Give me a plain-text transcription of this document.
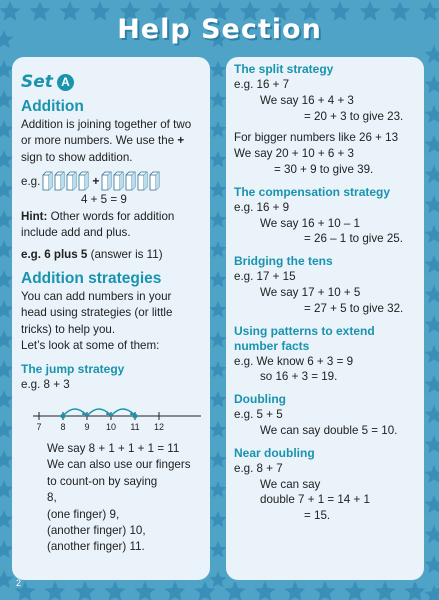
Help Section
Set A
Addition

Addition is joining together of two

or more numbers. We use the +

sign to show addition.

e.g.	+

4 + 5 = 9

Hint: Other words for addition

include add and plus.

e.g. 6 plus 5 (answer is 11)

Addition strategies

You can add numbers in your

head using strategies (or little

tricks) to help you.

Let’s look at some of them:

The jump strategy

e.g. 8 + 3

7 8 9 10 11 12

We say 8 + 1 + 1 + 1 = 11

We can also use our fingers

to count-on by saying

8,

(one finger) 9,

(another finger) 10,

(another finger) 11.

The split strategy

e.g. 16 + 7

We say 16 + 4 + 3

= 20 + 3 to give 23.

For bigger numbers like 26 + 13

We say 20 + 10 + 6 + 3

= 30 + 9 to give 39.

The compensation strategy

e.g. 16 + 9

We say 16 + 10 – 1

= 26 – 1 to give 25.

Bridging the tens

e.g. 17 + 15

We say 17 + 10 + 5

= 27 + 5 to give 32.

Using patterns to extend number facts

e.g. We know 6 + 3 = 9

so 16 + 3 = 19.

Doubling

e.g. 5 + 5

We can say double 5 = 10.

Near doubling

e.g. 8 + 7

We can say

double 7 + 1 = 14 + 1

= 15.

2
